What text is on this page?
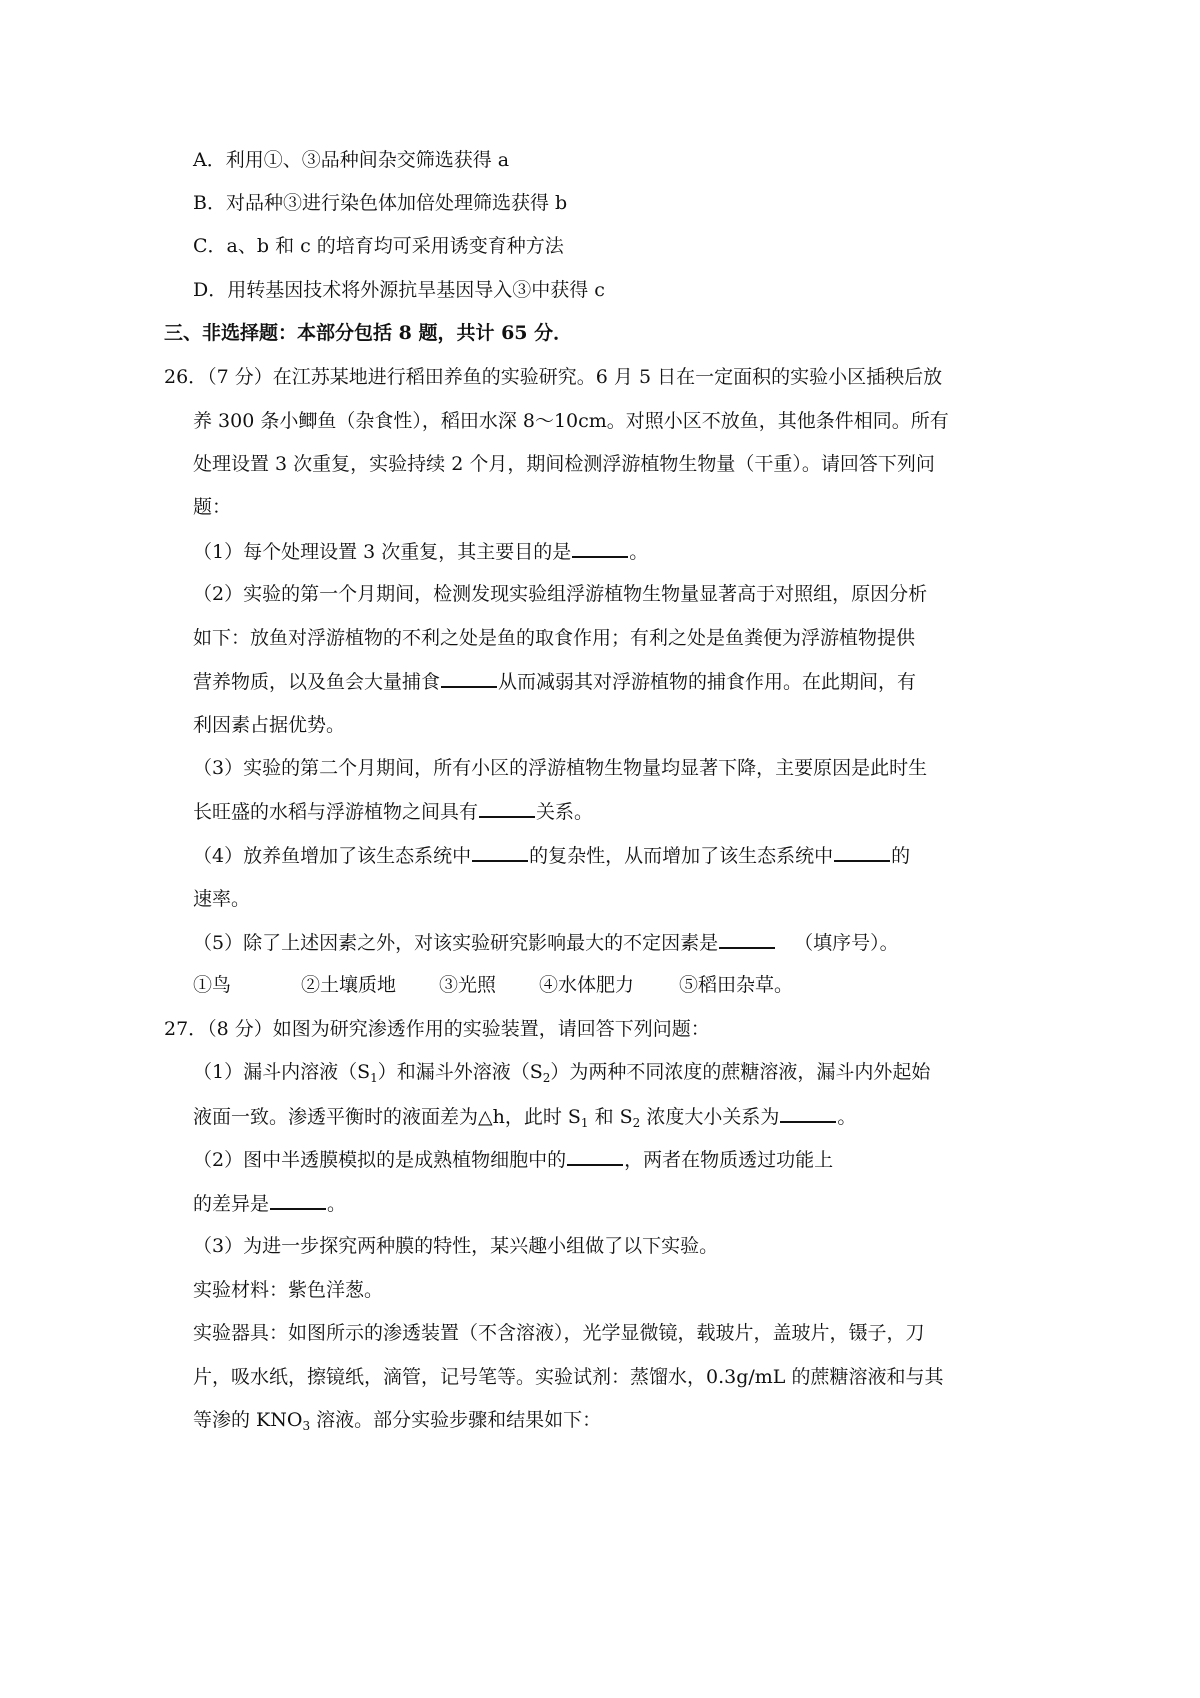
A．利用①、③品种间杂交筛选获得 a
B．对品种③进行染色体加倍处理筛选获得 b
C．a、b 和 c 的培育均可采用诱变育种方法
D．用转基因技术将外源抗旱基因导入③中获得 c
三、非选择题：本部分包括 8 题，共计 65 分．
26．（7 分）在江苏某地进行稻田养鱼的实验研究。6 月 5 日在一定面积的实验小区插秧后放
养 300 条小鲫鱼（杂食性），稻田水深 8～10cm。对照小区不放鱼，其他条件相同。所有
处理设置 3 次重复，实验持续 2 个月，期间检测浮游植物生物量（干重）。请回答下列问
题：
（1）每个处理设置 3 次重复，其主要目的是	。
（2）实验的第一个月期间，检测发现实验组浮游植物生物量显著高于对照组，原因分析
如下：放鱼对浮游植物的不利之处是鱼的取食作用；有利之处是鱼粪便为浮游植物提供
营养物质，以及鱼会大量捕食	从而减弱其对浮游植物的捕食作用。在此期间，有
利因素占据优势。
（3）实验的第二个月期间，所有小区的浮游植物生物量均显著下降，主要原因是此时生
长旺盛的水稻与浮游植物之间具有	关系。
（4）放养鱼增加了该生态系统中	的复杂性，从而增加了该生态系统中	的
速率。
（5）除了上述因素之外，对该实验研究影响最大的不定因素是	（填序号）。
①鸟	②土壤质地 ③光照 ④水体肥力 ⑤稻田杂草。
27．（8 分）如图为研究渗透作用的实验装置，请回答下列问题：
（1）漏斗内溶液$(S_1)$和漏斗外溶液$(S_2)$为两种不同浓度的蔗糖溶液，漏斗内外起始
液面一致。渗透平衡时的液面差为△h，此时 $S_1$ 和 $S_2$ 浓度大小关系为	。
（2）图中半透膜模拟的是成熟植物细胞中的	，两者在物质透过功能上
的差异是	。
（3）为进一步探究两种膜的特性，某兴趣小组做了以下实验。
实验材料：紫色洋葱。
实验器具：如图所示的渗透装置（不含溶液），光学显微镜，载玻片，盖玻片，镊子，刀
片，吸水纸，擦镜纸，滴管，记号笔等。实验试剂：蒸馏水，0.3g/mL 的蔗糖溶液和与其
等渗的 $KNO_3$ 溶液。部分实验步骤和结果如下：
